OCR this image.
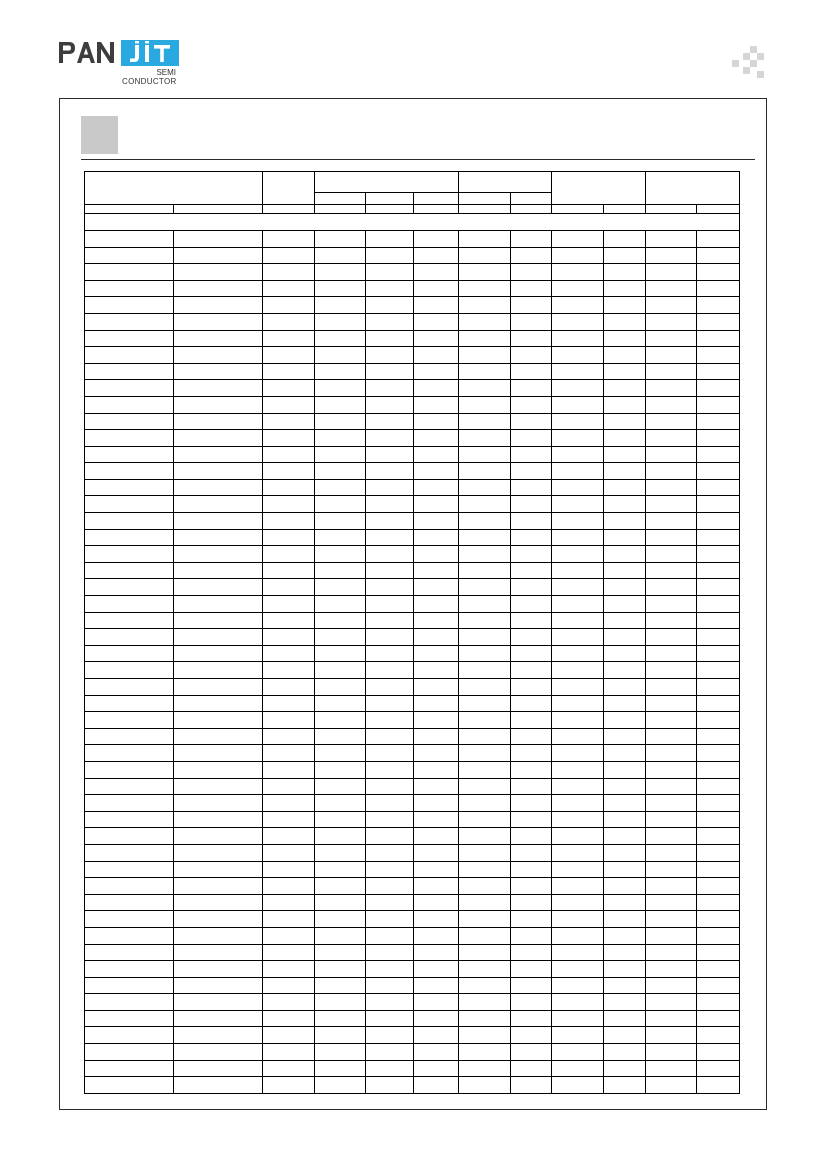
SEMI
CONDUCTOR
